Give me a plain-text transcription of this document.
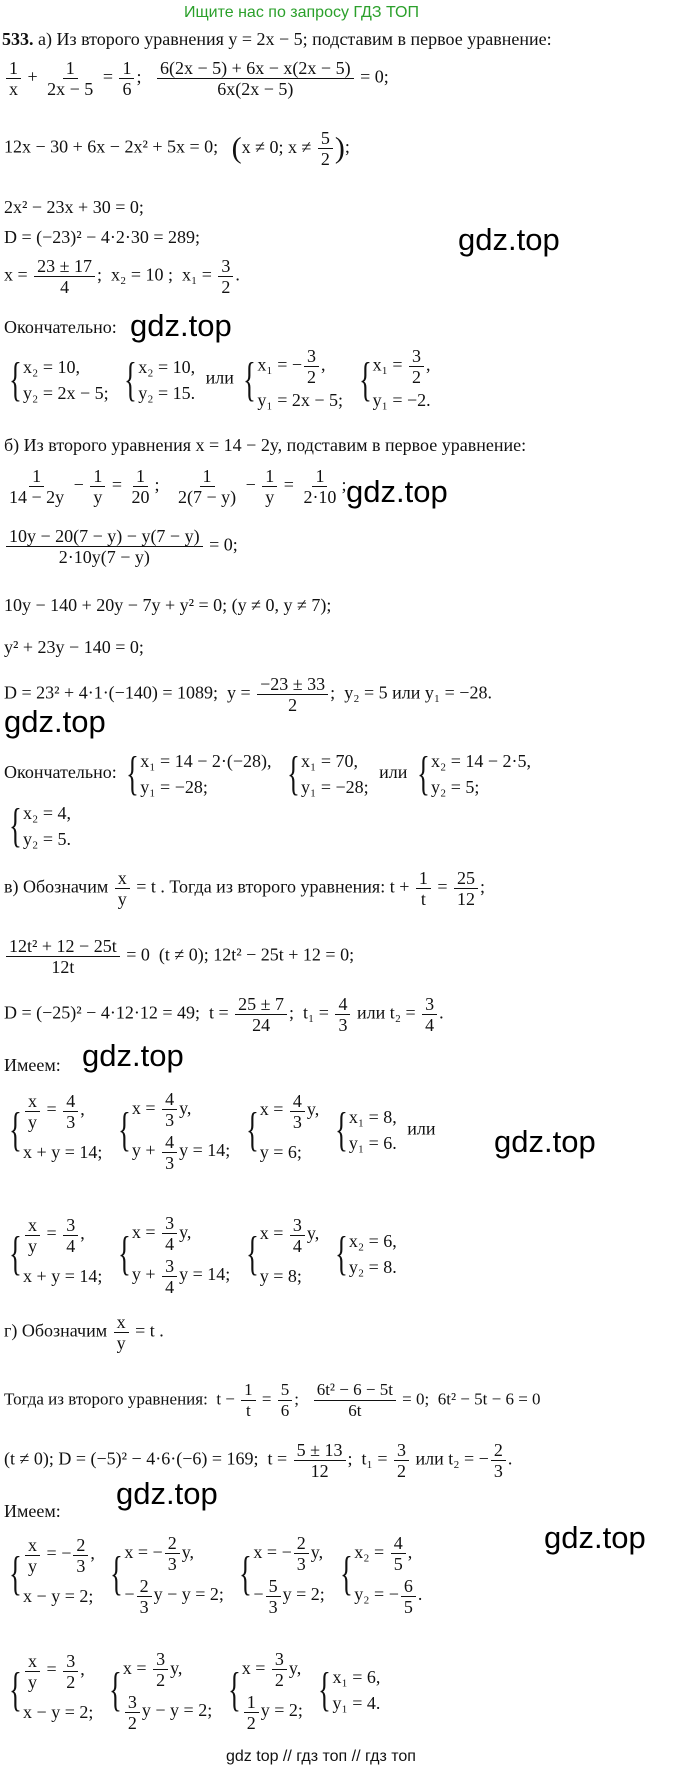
Ищите нас по запросу ГДЗ ТОП
533. а) Из второго уравнения y = 2x − 5; подставим в первое уравнение:
$\frac{1}{x} + \frac{1}{2x - 5} = \frac{1}{6}$ ; $\frac{6(2x - 5) + 6x - x(2x - 5)}{6x(2x - 5)} = 0$;
12x − 30 + 6x − 2x² + 5x = 0; (x ≠ 0; $x \ne \frac{5}{2}$ );
2x² − 23x + 30 = 0;
D = (−23)² − 4·2·30 = 289;
$x = \frac{23 \pm 17}{4}$ ;  x₂ = 10 ;  $x_1 = \frac{3}{2}$ .
gdz.top
Окончательно: gdz.top
{ x₂ = 10,
y₂ = 2x − 5;
{ x₂ = 10,
y₂ = 15.
или { x₁ = − $\frac{3}{2}$ ,
y₁ = 2x − 5;
{ $x_1 = \frac{3}{2}$ ,
y₁ = −2.
б) Из второго уравнения x = 14 − 2y, подставим в первое уравнение:
$\frac{1}{14 - 2y} - \frac{1}{y} = \frac{1}{20}$ ; $\frac{1}{2(7 - y)} - \frac{1}{y} = \frac{1}{2\cdot 10}$ ; gdz.top
$\frac{10y - 20(7 - y) - y(7 - y)}{2\cdot 10y(7 - y)} = 0$;
10y − 140 + 20y − 7y + y² = 0; (y ≠ 0, y ≠ 7);
y² + 23y − 140 = 0;
D = 23² + 4·1·(−140) = 1089;  $y = \frac{-23 \pm 33}{2}$ ;  y₂ = 5 или y₁ = −28.
gdz.top
Окончательно: { x₁ = 14 − 2·(−28),
y₁ = −28;
	{ x₁ = 70,
y₁ = −28;
или { x₂ = 14 − 2·5,
y₂ = 5;
{ x₂ = 4,
y₂ = 5.
в) Обозначим $\frac{x}{y} = t$ . Тогда из второго уравнения: $t + \frac{1}{t} = \frac{25}{12}$ ;
$\frac{\text{12t² + 12 − 25t}}{12t} = 0$  (t ≠ 0); 12t² − 25t + 12 = 0;
D = (−25)² − 4·12·12 = 49;  $t = \frac{25 \pm 7}{24}$ ;  $t_1 = \frac{4}{3}$ или $t_2 = \frac{3}{4}$ .
Имеем: gdz.top
{ $\frac{x}{y} = \frac{4}{3}$ ,
x + y = 14;
{ $x = \frac{4}{3} y$,
$y + \frac{4}{3}$ y = 14;
{ $x = \frac{4}{3} y$,
y = 6;
{ x₁ = 8,
y₁ = 6.
или gdz.top
{ $\frac{x}{y} = \frac{3}{4}$ ,
x + y = 14;
{ $x = \frac{3}{4} y$,
$y + \frac{3}{4}$ y = 14;
{ $x = \frac{3}{4} y$,
y = 8;
{ x₂ = 6,
y₂ = 8.
г) Обозначим $\frac{x}{y} = t$ .
Тогда из второго уравнения:  $t - \frac{1}{t} = \frac{5}{6}$ ; $\frac{\text{6t² − 6 − 5t}}{6t} = 0$;  6t² − 5t − 6 = 0
(t ≠ 0); D = (−5)² − 4·6·(−6) = 169;  $t = \frac{5 \pm 13}{12}$ ;  $t_1 = \frac{3}{2}$ или t₂ = − $\frac{2}{3}$ .
Имеем: gdz.top
gdz.top
{ $\frac{x}{y}$ = − $\frac{2}{3}$ ,
x − y = 2;
{ x = − $\frac{2}{3} y$,
− $\frac{2}{3}$ y − y = 2;
{ x = − $\frac{2}{3} y$,
− $\frac{5}{3}$ y = 2;
{ $x_2 = \frac{4}{5}$ ,
y₂ = − $\frac{6}{5}$ .
{ $\frac{x}{y} = \frac{3}{2}$ ,
x − y = 2;
{ $x = \frac{3}{2} y$,
$\frac{3}{2}$ y − y = 2;
{ $x = \frac{3}{2} y$,
$\frac{1}{2}$ y = 2;
{ x₁ = 6,
y₁ = 4.
gdz top // гдз топ // гдз топ
